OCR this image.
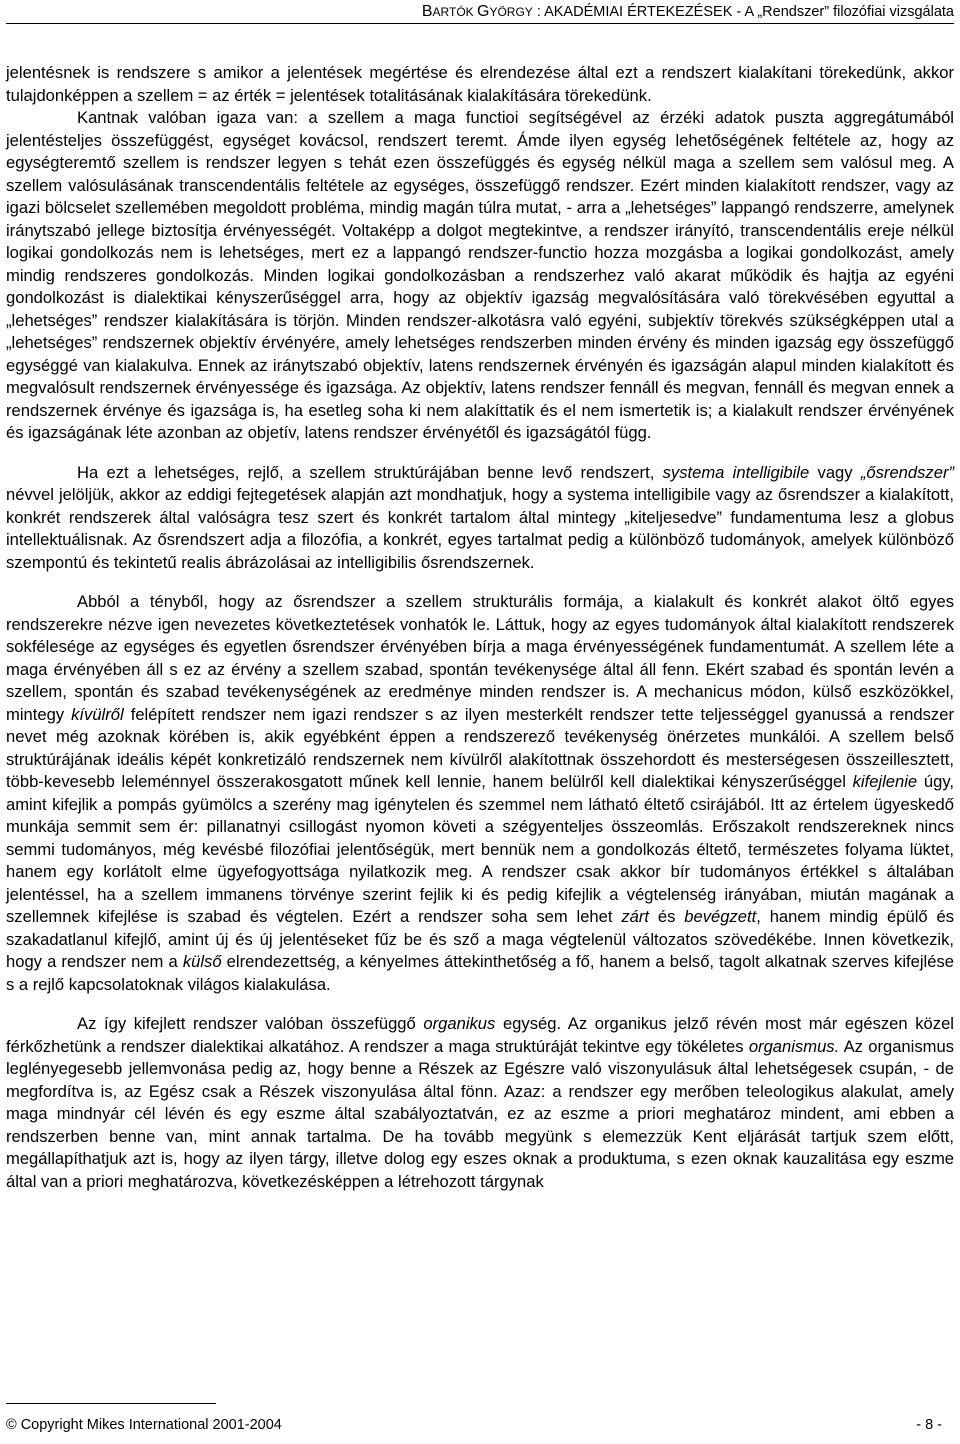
BARTÓK GYÖRGY : AKADÉMIAI ÉRTEKEZÉSEK - A „Rendszer” filozófiai vizsgálata

jelentésnek is rendszere s amikor a jelentések megértése és elrendezése által ezt a rendszert kialakítani törekedünk, akkor tulajdonképpen a szellem = az érték = jelentések totalitásának kialakítására törekedünk.

Kantnak valóban igaza van: a szellem a maga functioi segítségével az érzéki adatok puszta aggregátumából jelentésteljes összefüggést, egységet kovácsol, rendszert teremt. Ámde ilyen egység lehetőségének feltétele az, hogy az egységteremtő szellem is rendszer legyen s tehát ezen összefüggés és egység nélkül maga a szellem sem valósul meg. A szellem valósulásának transcendentális feltétele az egységes, összefüggő rendszer. Ezért minden kialakított rendszer, vagy az igazi bölcselet szellemében megoldott probléma, mindig magán túlra mutat, - arra a „lehetséges” lappangó rendszerre, amelynek iránytszabó jellege biztosítja érvényességét. Voltaképp a dolgot megtekintve, a rendszer irányító, transcendentális ereje nélkül logikai gondolkozás nem is lehetséges, mert ez a lappangó rendszer-functio hozza mozgásba a logikai gondolkozást, amely mindig rendszeres gondolkozás. Minden logikai gondolkozásban a rendszerhez való akarat működik és hajtja az egyéni gondolkozást is dialektikai kényszerűséggel arra, hogy az objektív igazság megvalósítására való törekvésében egyuttal a „lehetséges” rendszer kialakítására is törjön. Minden rendszer-alkotásra való egyéni, subjektív törekvés szükségképpen utal a „lehetséges” rendszernek objektív érvényére, amely lehetséges rendszerben minden érvény és minden igazság egy összefüggő egységgé van kialakulva. Ennek az iránytszabó objektív, latens rendszernek érvényén és igazságán alapul minden kialakított és megvalósult rendszernek érvényessége és igazsága. Az objektív, latens rendszer fennáll és megvan, fennáll és megvan ennek a rendszernek érvénye és igazsága is, ha esetleg soha ki nem alakíttatik és el nem ismertetik is; a kialakult rendszer érvényének és igazságának léte azonban az objetív, latens rendszer érvényétől és igazságától függ.

Ha ezt a lehetséges, rejlő, a szellem struktúrájában benne levő rendszert, systema intelligibile vagy „ősrendszer” névvel jelöljük, akkor az eddigi fejtegetések alapján azt mondhatjuk, hogy a systema intelligibile vagy az ősrendszer a kialakított, konkrét rendszerek által valóságra tesz szert és konkrét tartalom által mintegy „kiteljesedve” fundamentuma lesz a globus intellektuálisnak. Az ősrendszert adja a filozófia, a konkrét, egyes tartalmat pedig a különböző tudományok, amelyek különböző szempontú és tekintetű realis ábrázolásai az intelligibilis ősrendszernek.

Abból a tényből, hogy az ősrendszer a szellem strukturális formája, a kialakult és konkrét alakot öltő egyes rendszerekre nézve igen nevezetes következtetések vonhatók le. Láttuk, hogy az egyes tudományok által kialakított rendszerek sokféleségе az egységes és egyetlen ősrendszer érvényében bírja a maga érvényességének fundamentumát. A szellem léte a maga érvényében áll s ez az érvény a szellem szabad, spontán tevékenysége által áll fenn. Ekért szabad és spontán levén a szellem, spontán és szabad tevékenységének az eredménye minden rendszer is. A mechanicus módon, külső eszközökkel, mintegy kívülről felépített rendszer nem igazi rendszer s az ilyen mesterkélt rendszer tette teljességgel gyanussá a rendszer nevet még azoknak körében is, akik egyébként éppen a rendszerező tevékenység önérzetes munkálói. A szellem belső struktúrájának ideális képét konkretizáló rendszernek nem kívülről alakítottnak összehordott és mesterségesen összeillesztett, több-kevesebb leleménnyel összerakosgatott műnek kell lennie, hanem belülről kell dialektikai kényszerűséggel kifejlenie úgy, amint kifejlik a pompás gyümölcs a szerény mag igénytelen és szemmel nem látható éltető csirájából. Itt az értelem ügyeskedő munkája semmit sem ér: pillanatnyi csillogást nyomon követi a szégyenteljes összeomlás. Erőszakolt rendszereknek nincs semmi tudományos, még kevésbé filozófiai jelentőségük, mert bennük nem a gondolkozás éltető, természetes folyama lüktet, hanem egy korlátolt elme ügyefogyottsága nyilatkozik meg. A rendszer csak akkor bír tudományos értékkel s általában jelentéssel, ha a szellem immanens törvénye szerint fejlik ki és pedig kifejlik a végtelenség irányában, miután magának a szellemnek kifejlése is szabad és végtelen. Ezért a rendszer soha sem lehet zárt és bevégzett, hanem mindig épülő és szakadatlanul kifejlő, amint új és új jelentéseket fűz be és sző a maga végtelenül változatos szövedékébe. Innen következik, hogy a rendszer nem a külső elrendezettség, a kényelmes áttekinthetőség a fő, hanem a belső, tagolt alkatnak szerves kifejlése s a rejlő kapcsolatoknak világos kialakulása.

Az így kifejlett rendszer valóban összefüggő organikus egység. Az organikus jelző révén most már egészen közel férkőzhetünk a rendszer dialektikai alkatához. A rendszer a maga struktúráját tekintve egy tökéletes organismus. Az organismus leglényegesebb jellemvonása pedig az, hogy benne a Részek az Egészre való viszonyulásuk által lehetségesek csupán, - de megfordítva is, az Egész csak a Részek viszonyulása által fönn. Azaz: a rendszer egy merőben teleologikus alakulat, amely maga mindnyár cél lévén és egy eszme által szabályoztatván, ez az eszme a priori meghatároz mindent, ami ebben a rendszerben benne van, mint annak tartalma. De ha tovább megyünk s elemezzük Kent eljárását tartjuk szem előtt, megállapíthatjuk azt is, hogy az ilyen tárgy, illetve dolog egy eszes oknak a produktuma, s ezen oknak kauzalitása egy eszme által van a priori meghatározva, következésképpen a létrehozott tárgynak

© Copyright Mikes International 2001-2004	- 8 -
